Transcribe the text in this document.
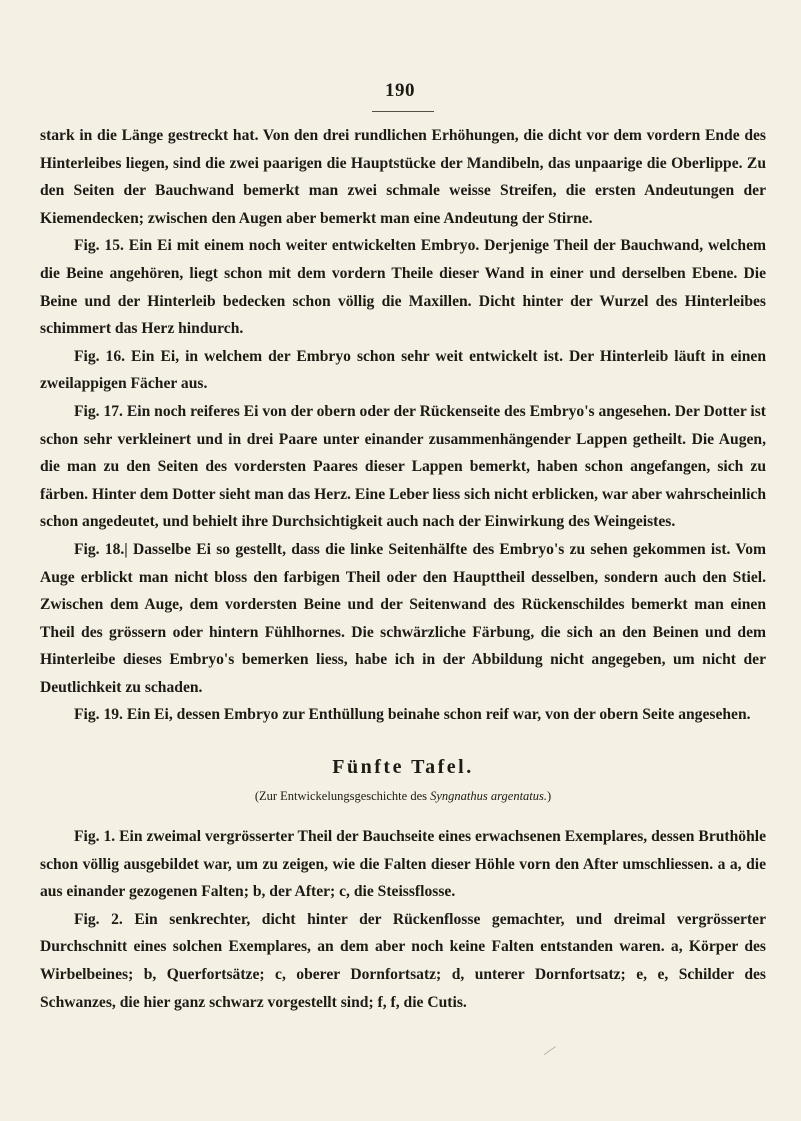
190

stark in die Länge gestreckt hat. Von den drei rundlichen Erhöhungen, die dicht vor dem vordern Ende des Hinterleibes liegen, sind die zwei paarigen die Hauptstücke der Mandibeln, das unpaarige die Oberlippe. Zu den Seiten der Bauchwand bemerkt man zwei schmale weisse Streifen, die ersten Andeutungen der Kiemendecken; zwischen den Augen aber bemerkt man eine Andeutung der Stirne.

Fig. 15. Ein Ei mit einem noch weiter entwickelten Embryo. Derjenige Theil der Bauchwand, welchem die Beine angehören, liegt schon mit dem vordern Theile dieser Wand in einer und derselben Ebene. Die Beine und der Hinterleib bedecken schon völlig die Maxillen. Dicht hinter der Wurzel des Hinterleibes schimmert das Herz hindurch.

Fig. 16. Ein Ei, in welchem der Embryo schon sehr weit entwickelt ist. Der Hinterleib läuft in einen zweilappigen Fächer aus.

Fig. 17. Ein noch reiferes Ei von der obern oder der Rückenseite des Embryo's angesehen. Der Dotter ist schon sehr verkleinert und in drei Paare unter einander zusammenhängender Lappen getheilt. Die Augen, die man zu den Seiten des vordersten Paares dieser Lappen bemerkt, haben schon angefangen, sich zu färben. Hinter dem Dotter sieht man das Herz. Eine Leber liess sich nicht erblicken, war aber wahrscheinlich schon angedeutet, und behielt ihre Durchsichtigkeit auch nach der Einwirkung des Weingeistes.

Fig. 18.| Dasselbe Ei so gestellt, dass die linke Seitenhälfte des Embryo's zu sehen gekommen ist. Vom Auge erblickt man nicht bloss den farbigen Theil oder den Haupttheil desselben, sondern auch den Stiel. Zwischen dem Auge, dem vordersten Beine und der Seitenwand des Rückenschildes bemerkt man einen Theil des grössern oder hintern Fühlhornes. Die schwärzliche Färbung, die sich an den Beinen und dem Hinterleibe dieses Embryo's bemerken liess, habe ich in der Abbildung nicht angegeben, um nicht der Deutlichkeit zu schaden.

Fig. 19. Ein Ei, dessen Embryo zur Enthüllung beinahe schon reif war, von der obern Seite angesehen.

Fünfte Tafel.
(Zur Entwickelungsgeschichte des Syngnathus argentatus.)

Fig. 1. Ein zweimal vergrösserter Theil der Bauchseite eines erwachsenen Exemplares, dessen Bruthöhle schon völlig ausgebildet war, um zu zeigen, wie die Falten dieser Höhle vorn den After umschliessen. a a, die aus einander gezogenen Falten; b, der After; c, die Steissflosse.

Fig. 2. Ein senkrechter, dicht hinter der Rückenflosse gemachter, und dreimal vergrösserter Durchschnitt eines solchen Exemplares, an dem aber noch keine Falten entstanden waren. a, Körper des Wirbelbeines; b, Querfortsätze; c, oberer Dornfortsatz; d, unterer Dornfortsatz; e, e, Schilder des Schwanzes, die hier ganz schwarz vorgestellt sind; f, f, die Cutis.
